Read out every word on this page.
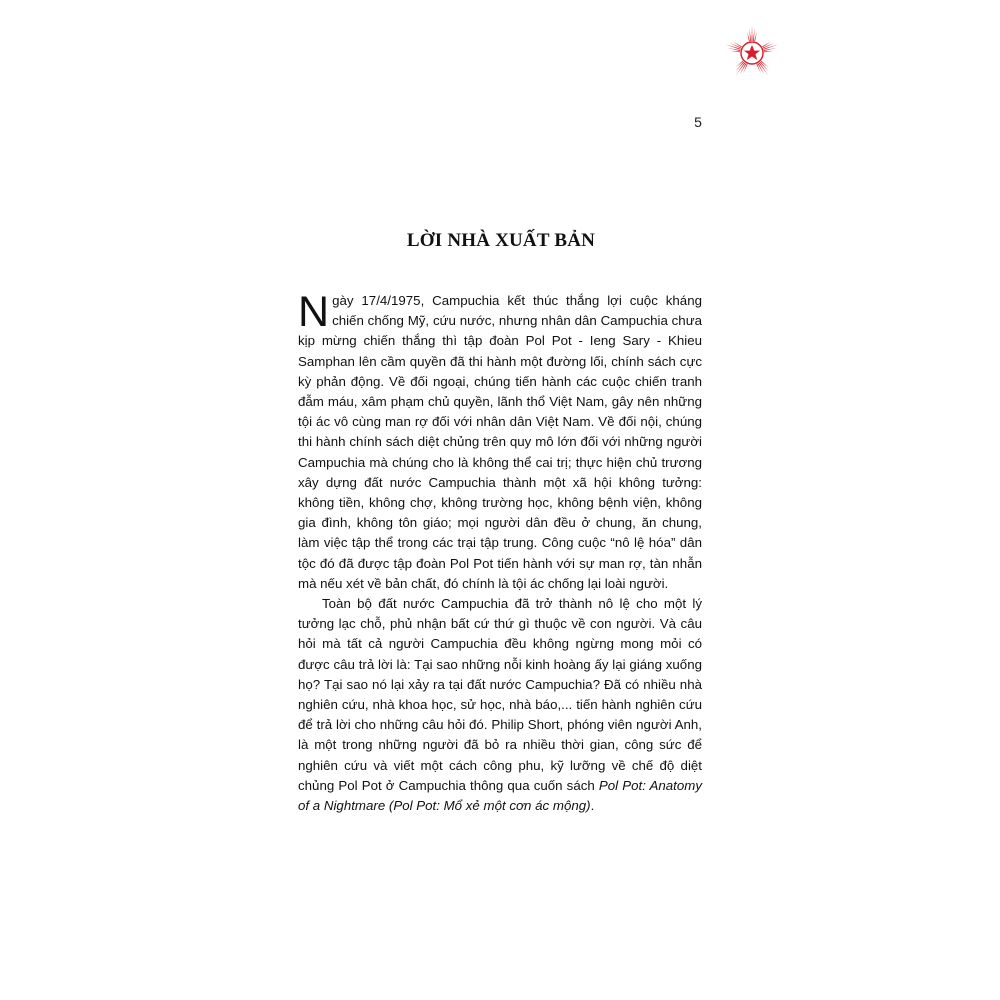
5
LỜI NHÀ XUẤT BẢN

Ngày 17/4/1975, Campuchia kết thúc thắng lợi cuộc kháng chiến chống Mỹ, cứu nước, nhưng nhân dân Campuchia chưa kịp mừng chiến thắng thì tập đoàn Pol Pot - Ieng Sary - Khieu Samphan lên cầm quyền đã thi hành một đường lối, chính sách cực kỳ phản động. Về đối ngoại, chúng tiến hành các cuộc chiến tranh đẫm máu, xâm phạm chủ quyền, lãnh thổ Việt Nam, gây nên những tội ác vô cùng man rợ đối với nhân dân Việt Nam. Về đối nội, chúng thi hành chính sách diệt chủng trên quy mô lớn đối với những người Campuchia mà chúng cho là không thể cai trị; thực hiện chủ trương xây dựng đất nước Campuchia thành một xã hội không tưởng: không tiền, không chợ, không trường học, không bệnh viện, không gia đình, không tôn giáo; mọi người dân đều ở chung, ăn chung, làm việc tập thể trong các trại tập trung. Công cuộc “nô lệ hóa” dân tộc đó đã được tập đoàn Pol Pot tiến hành với sự man rợ, tàn nhẫn mà nếu xét về bản chất, đó chính là tội ác chống lại loài người.

Toàn bộ đất nước Campuchia đã trở thành nô lệ cho một lý tưởng lạc chỗ, phủ nhận bất cứ thứ gì thuộc về con người. Và câu hỏi mà tất cả người Campuchia đều không ngừng mong mỏi có được câu trả lời là: Tại sao những nỗi kinh hoàng ấy lại giáng xuống họ? Tại sao nó lại xảy ra tại đất nước Campuchia? Đã có nhiều nhà nghiên cứu, nhà khoa học, sử học, nhà báo,... tiến hành nghiên cứu để trả lời cho những câu hỏi đó. Philip Short, phóng viên người Anh, là một trong những người đã bỏ ra nhiều thời gian, công sức để nghiên cứu và viết một cách công phu, kỹ lưỡng về chế độ diệt chủng Pol Pot ở Campuchia thông qua cuốn sách Pol Pot: Anatomy of a Nightmare (Pol Pot: Mổ xẻ một cơn ác mộng).
